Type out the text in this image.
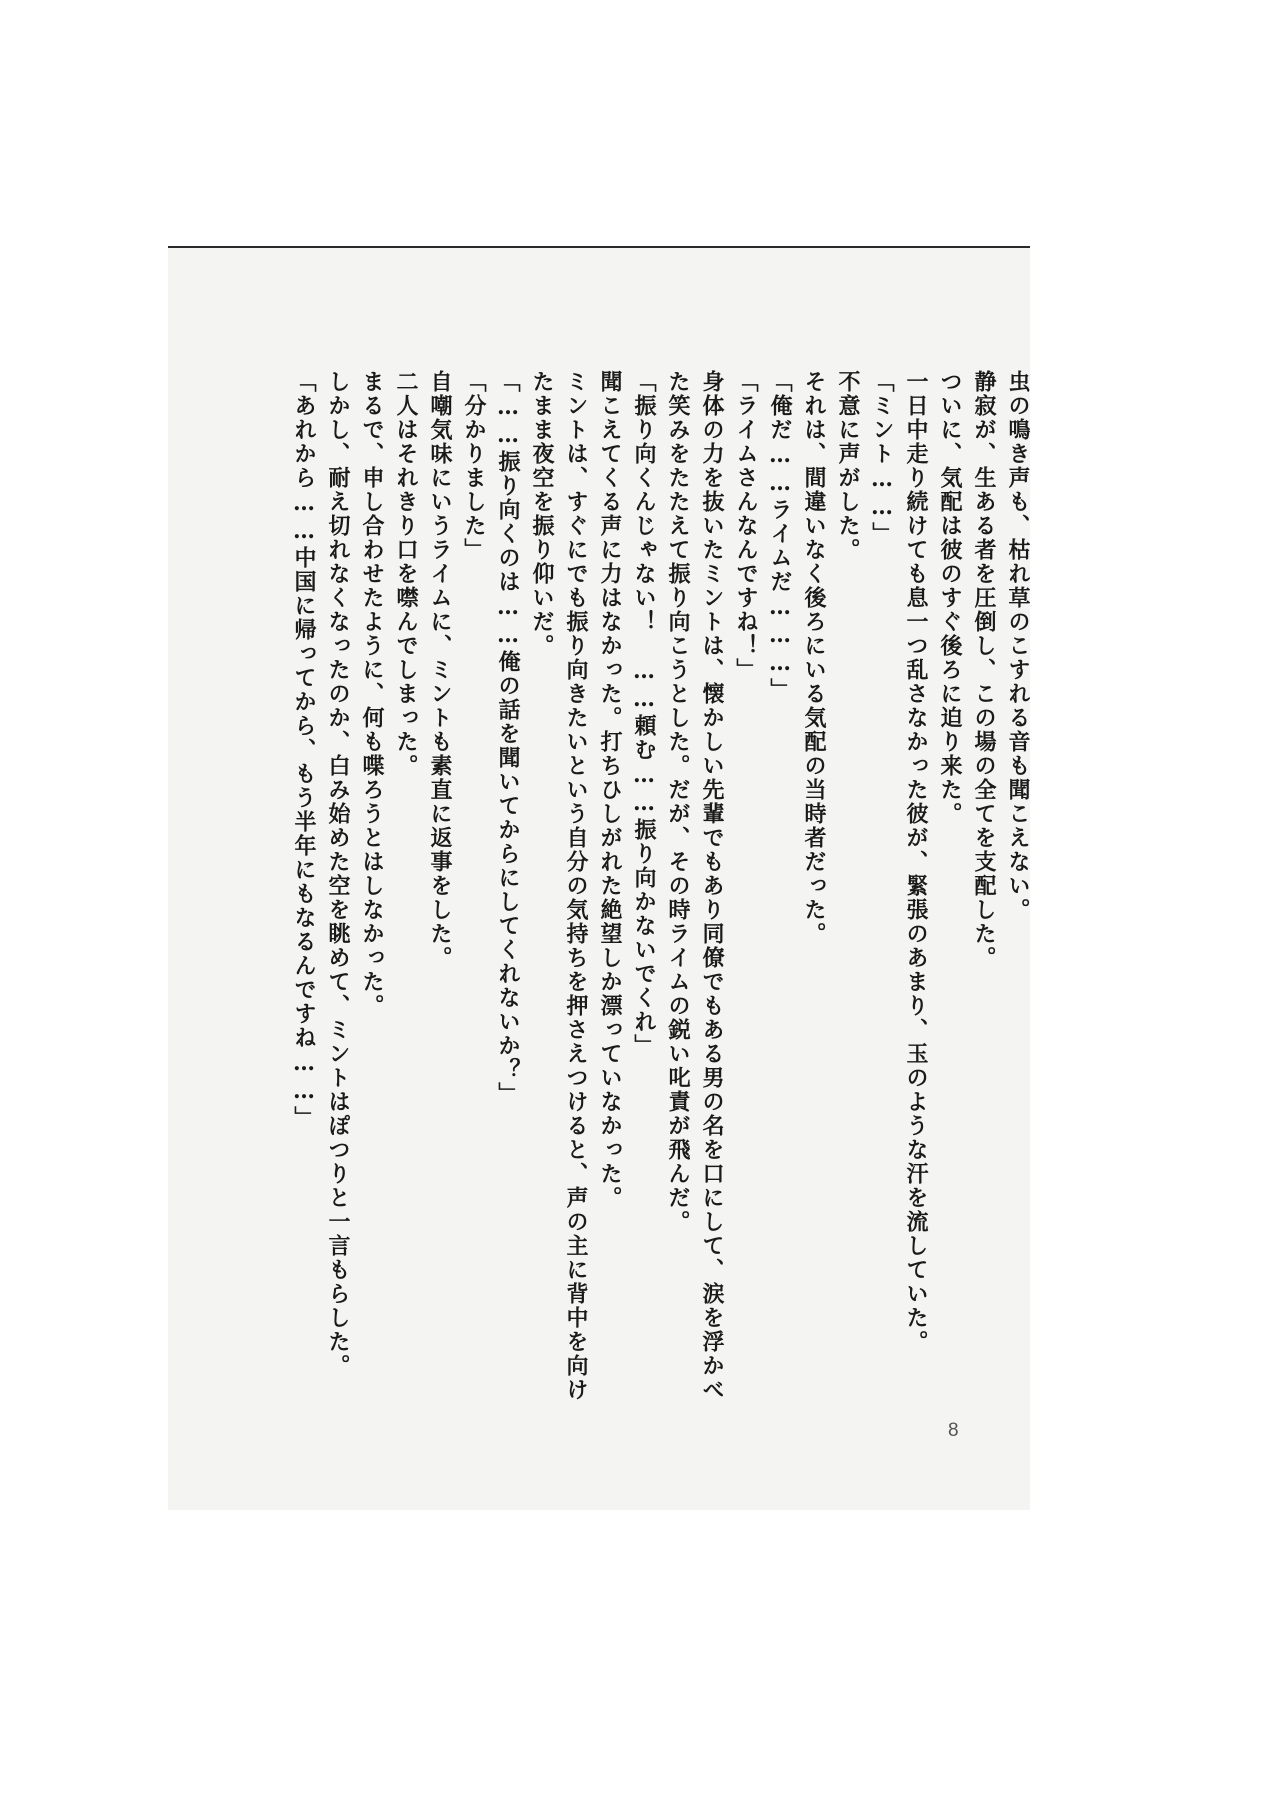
虫の鳴き声も、枯れ草のこすれる音も聞こえない。
静寂が、生ある者を圧倒し、この場の全てを支配した。
ついに、気配は彼のすぐ後ろに迫り来た。
一日中走り続けても息一つ乱さなかった彼が、緊張のあまり、玉のような汗を流していた。
「ミント……」
不意に声がした。
それは、間違いなく後ろにいる気配の当時者だった。
「俺だ……ライムだ………」
「ライムさんなんですね！」
身体の力を抜いたミントは、懐かしい先輩でもあり同僚でもある男の名を口にして、涙を浮かべた笑みをたたえて振り向こうとした。だが、その時ライムの鋭い叱責が飛んだ。
「振り向くんじゃない！　……頼む……振り向かないでくれ」
聞こえてくる声に力はなかった。打ちひしがれた絶望しか漂っていなかった。
ミントは、すぐにでも振り向きたいという自分の気持ちを押さえつけると、声の主に背中を向けたまま夜空を振り仰いだ。
「……振り向くのは……俺の話を聞いてからにしてくれないか？」
「分かりました」
自嘲気味にいうライムに、ミントも素直に返事をした。
二人はそれきり口を噤んでしまった。
まるで、申し合わせたように、何も喋ろうとはしなかった。
しかし、耐え切れなくなったのか、白み始めた空を眺めて、ミントはぽつりと一言もらした。
「あれから……中国に帰ってから、もう半年にもなるんですね……」
8
